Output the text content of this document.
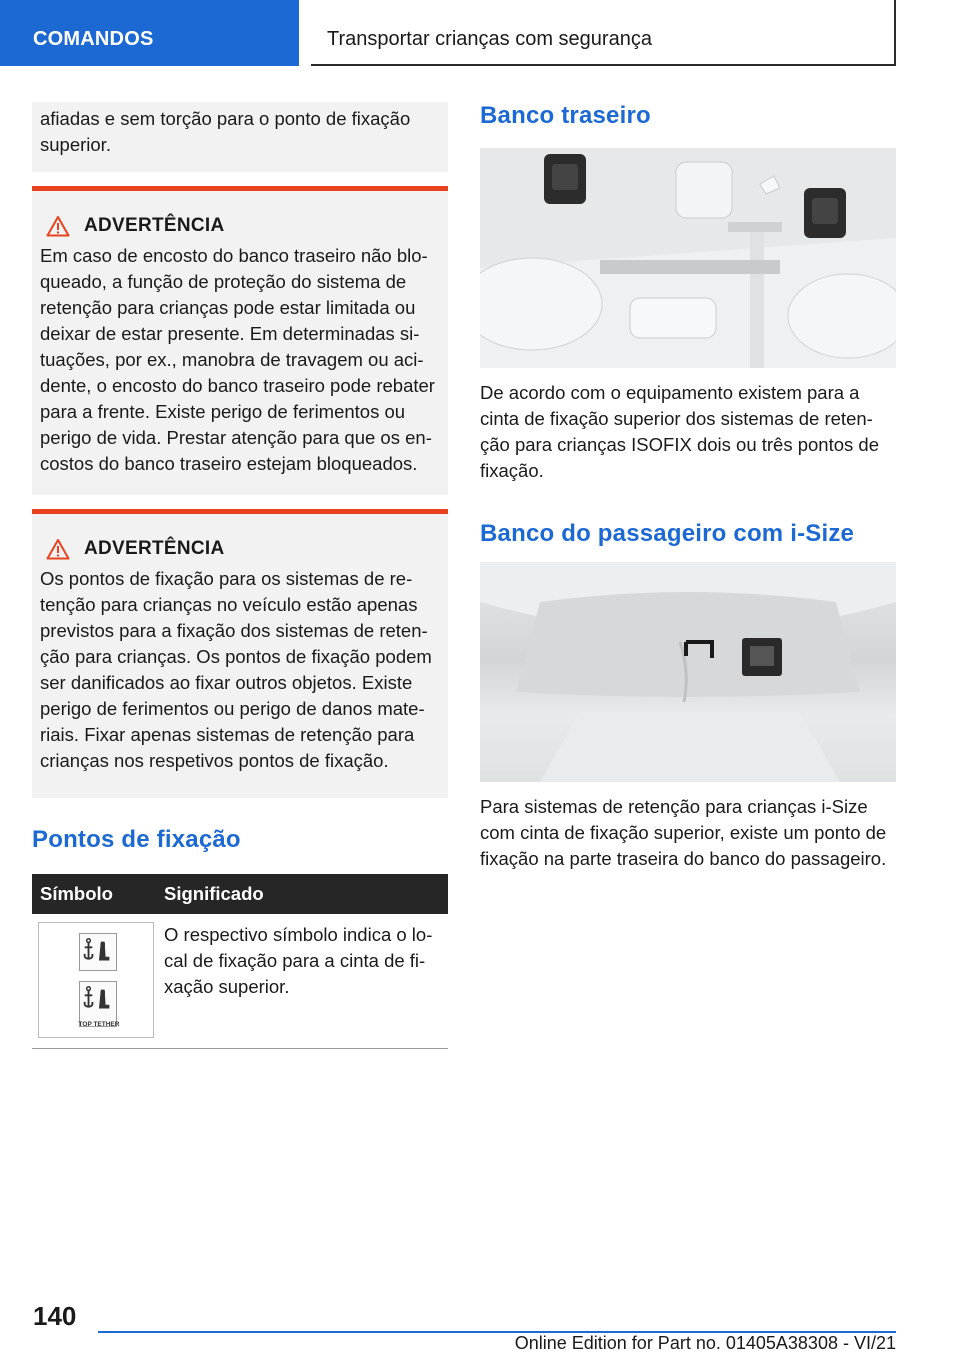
COMANDOS	Transportar crianças com segurança

afiadas e sem torção para o ponto de fixação superior.

ADVERTÊNCIA

Em caso de encosto do banco traseiro não bloqueado, a função de proteção do sistema de retenção para crianças pode estar limitada ou deixar de estar presente. Em determinadas situações, por ex., manobra de travagem ou acidente, o encosto do banco traseiro pode rebater para a frente. Existe perigo de ferimentos ou perigo de vida. Prestar atenção para que os encostos do banco traseiro estejam bloqueados.

ADVERTÊNCIA

Os pontos de fixação para os sistemas de retenção para crianças no veículo estão apenas previstos para a fixação dos sistemas de retenção para crianças. Os pontos de fixação podem ser danificados ao fixar outros objetos. Existe perigo de ferimentos ou perigo de danos materiais. Fixar apenas sistemas de retenção para crianças nos respetivos pontos de fixação.

Pontos de fixação
Símbolo	Significado

TOP TETHER	O respectivo símbolo indica o local de fixação para a cinta de fixação superior.
Banco traseiro

De acordo com o equipamento existem para a cinta de fixação superior dos sistemas de retenção para crianças ISOFIX dois ou três pontos de fixação.

Banco do passageiro com i-Size

Para sistemas de retenção para crianças i-Size com cinta de fixação superior, existe um ponto de fixação na parte traseira do banco do passageiro.

140
Online Edition for Part no. 01405A38308 - VI/21
